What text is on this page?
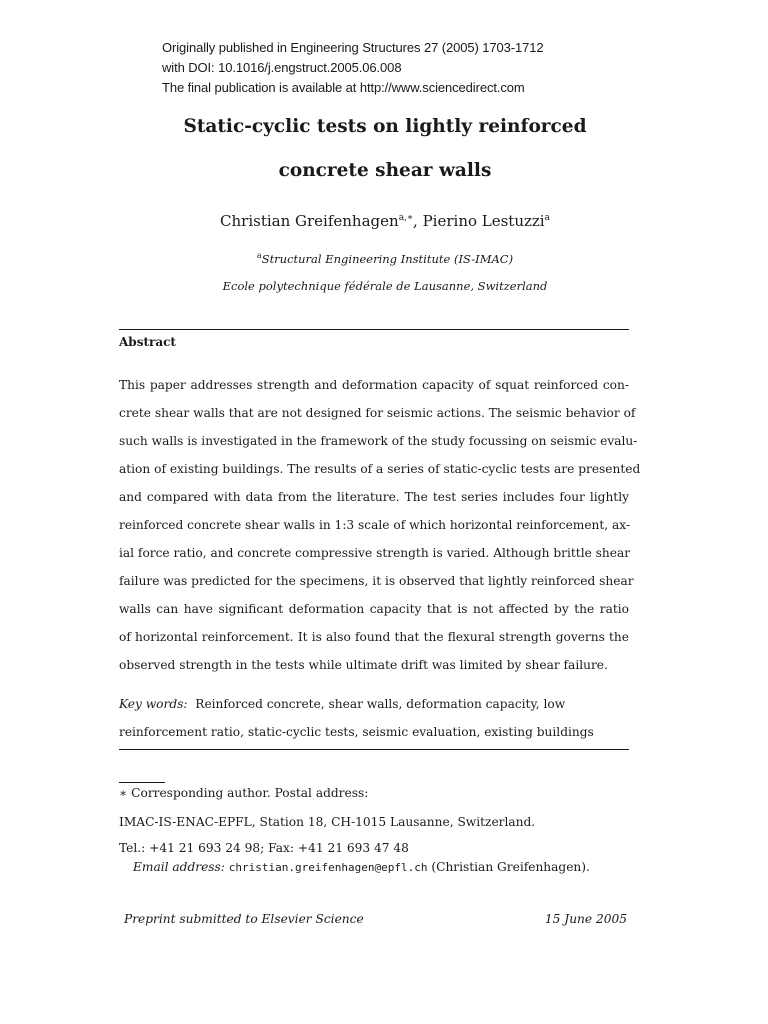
Originally published in Engineering Structures 27 (2005) 1703-1712
with DOI: 10.1016/j.engstruct.2005.06.008
The final publication is available at http://www.sciencedirect.com
Static-cyclic tests on lightly reinforced
concrete shear walls
Christian Greifenhagen$^{a,∗}$, Pierino Lestuzzi$^a$
$^a$Structural Engineering Institute (IS-IMAC)
Ecole polytechnique fédérale de Lausanne, Switzerland
Abstract
This paper addresses strength and deformation capacity of squat reinforced con-
crete shear walls that are not designed for seismic actions. The seismic behavior of
such walls is investigated in the framework of the study focussing on seismic evalu-
ation of existing buildings. The results of a series of static-cyclic tests are presented
and compared with data from the literature. The test series includes four lightly
reinforced concrete shear walls in 1:3 scale of which horizontal reinforcement, ax-
ial force ratio, and concrete compressive strength is varied. Although brittle shear
failure was predicted for the specimens, it is observed that lightly reinforced shear
walls can have significant deformation capacity that is not affected by the ratio
of horizontal reinforcement. It is also found that the flexural strength governs the
observed strength in the tests while ultimate drift was limited by shear failure.
Key words: Reinforced concrete, shear walls, deformation capacity, low
reinforcement ratio, static-cyclic tests, seismic evaluation, existing buildings
∗ Corresponding author. Postal address:
IMAC-IS-ENAC-EPFL, Station 18, CH-1015 Lausanne, Switzerland.
Tel.: +41 21 693 24 98; Fax: +41 21 693 47 48
Email address: christian.greifenhagen@epfl.ch (Christian Greifenhagen).
Preprint submitted to Elsevier Science	15 June 2005
